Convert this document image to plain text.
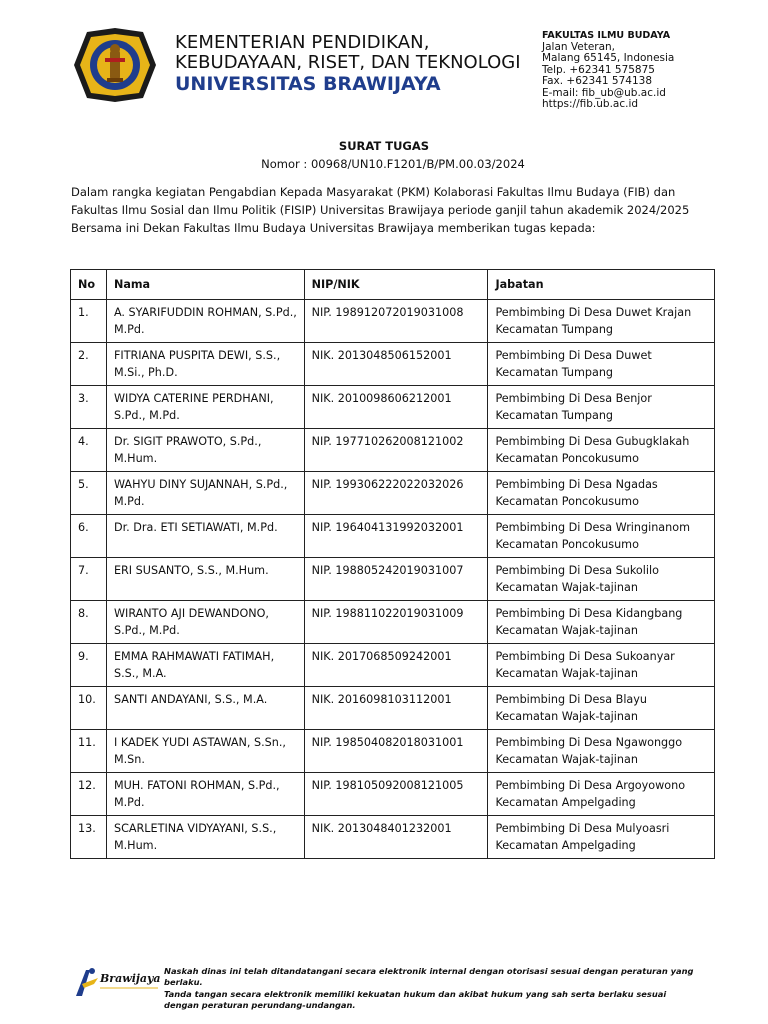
KEMENTERIAN PENDIDIKAN,
KEBUDAYAAN, RISET, DAN TEKNOLOGI
UNIVERSITAS BRAWIJAYA
FAKULTAS ILMU BUDAYA
Jalan Veteran,
Malang 65145, Indonesia
Telp. +62341 575875
Fax. +62341 574138
E-mail: fib_ub@ub.ac.id
https://fib.ub.ac.id
SURAT TUGAS
Nomor : 00968/UN10.F1201/B/PM.00.03/2024

Dalam rangka kegiatan Pengabdian Kepada Masyarakat (PKM) Kolaborasi Fakultas Ilmu Budaya (FIB) dan Fakultas Ilmu Sosial dan Ilmu Politik (FISIP) Universitas Brawijaya periode ganjil tahun akademik 2024/2025

Bersama ini Dekan Fakultas Ilmu Budaya Universitas Brawijaya memberikan tugas kepada:

No	Nama	NIP/NIK	Jabatan
1.	A. SYARIFUDDIN ROHMAN, S.Pd., M.Pd.	NIP. 198912072019031008	Pembimbing Di Desa Duwet Krajan Kecamatan Tumpang
2.	FITRIANA PUSPITA DEWI, S.S., M.Si., Ph.D.	NIK. 2013048506152001	Pembimbing Di Desa Duwet Kecamatan Tumpang
3.	WIDYA CATERINE PERDHANI, S.Pd., M.Pd.	NIK. 2010098606212001	Pembimbing Di Desa Benjor Kecamatan Tumpang
4.	Dr. SIGIT PRAWOTO, S.Pd., M.Hum.	NIP. 197710262008121002	Pembimbing Di Desa Gubugklakah Kecamatan Poncokusumo
5.	WAHYU DINY SUJANNAH, S.Pd., M.Pd.	NIP. 199306222022032026	Pembimbing Di Desa Ngadas Kecamatan Poncokusumo
6.	Dr. Dra. ETI SETIAWATI, M.Pd.	NIP. 196404131992032001	Pembimbing Di Desa Wringinanom Kecamatan Poncokusumo
7.	ERI SUSANTO, S.S., M.Hum.	NIP. 198805242019031007	Pembimbing Di Desa Sukolilo Kecamatan Wajak-tajinan
8.	WIRANTO AJI DEWANDONO, S.Pd., M.Pd.	NIP. 198811022019031009	Pembimbing Di Desa Kidangbang Kecamatan Wajak-tajinan
9.	EMMA RAHMAWATI FATIMAH, S.S., M.A.	NIK. 2017068509242001	Pembimbing Di Desa Sukoanyar Kecamatan Wajak-tajinan
10.	SANTI ANDAYANI, S.S., M.A.	NIK. 2016098103112001	Pembimbing Di Desa Blayu Kecamatan Wajak-tajinan
11.	I KADEK YUDI ASTAWAN, S.Sn., M.Sn.	NIP. 198504082018031001	Pembimbing Di Desa Ngawonggo Kecamatan Wajak-tajinan
12.	MUH. FATONI ROHMAN, S.Pd., M.Pd.	NIP. 198105092008121005	Pembimbing Di Desa Argoyowono Kecamatan Ampelgading
13.	SCARLETINA VIDYAYANI, S.S., M.Hum.	NIK. 2013048401232001	Pembimbing Di Desa Mulyoasri Kecamatan Ampelgading
Brawijaya

Naskah dinas ini telah ditandatangani secara elektronik internal dengan otorisasi sesuai dengan peraturan yang berlaku.

Tanda tangan secara elektronik memiliki kekuatan hukum dan akibat hukum yang sah serta berlaku sesuai dengan peraturan perundang-undangan.
